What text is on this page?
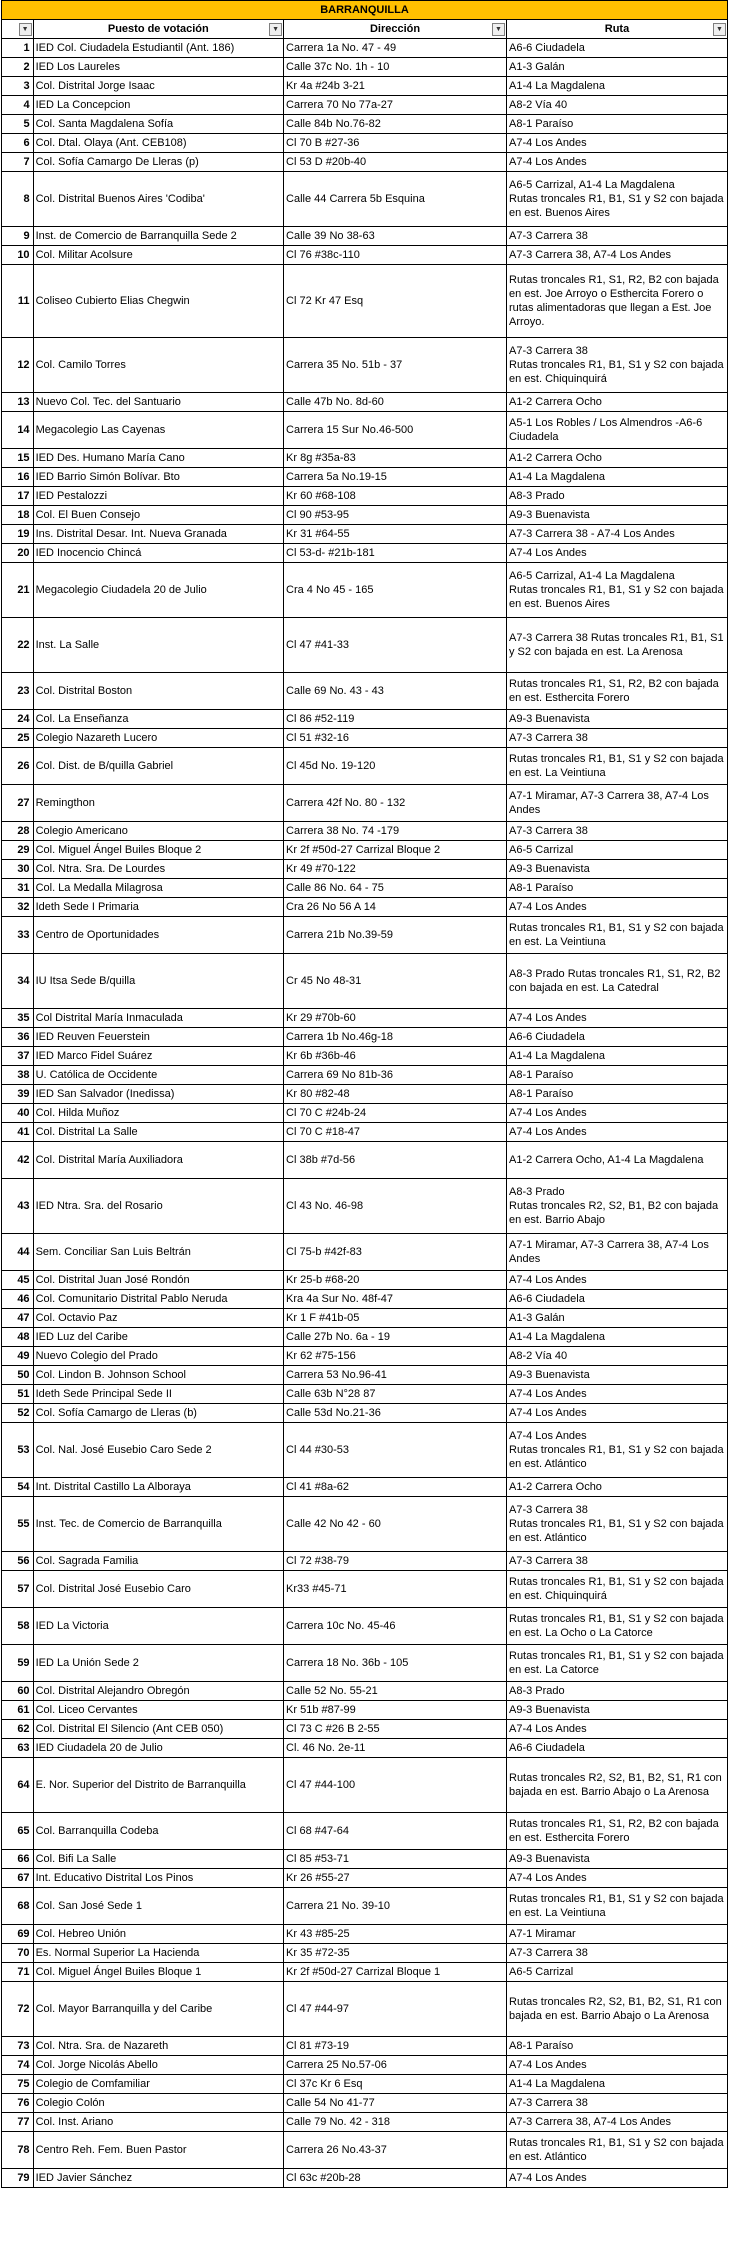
BARRANQUILLA			

▼	Puesto de votación ▼	Dirección ▼	Ruta ▼

1	IED Col. Ciudadela Estudiantil (Ant. 186)	Carrera 1a No. 47 - 49	A6-6 Ciudadela
2	IED Los Laureles	Calle 37c No. 1h - 10	A1-3 Galán
3	Col. Distrital Jorge Isaac	Kr 4a #24b 3-21	A1-4 La Magdalena
4	IED La Concepcion	Carrera 70 No 77a-27	A8-2 Vía 40
5	Col. Santa Magdalena Sofía	Calle 84b No.76-82	A8-1 Paraíso
6	Col. Dtal. Olaya (Ant. CEB108)	Cl 70 B #27-36	A7-4 Los Andes
7	Col. Sofía Camargo De Lleras (p)	Cl 53 D #20b-40	A7-4 Los Andes
8	Col. Distrital Buenos Aires 'Codiba'	Calle 44 Carrera 5b Esquina	A6-5 Carrizal, A1-4 La Magdalena
Rutas troncales R1, B1, S1 y S2 con bajada en est. Buenos Aires
9	Inst. de Comercio de Barranquilla Sede 2	Calle 39 No 38-63	A7-3 Carrera 38
10	Col. Militar Acolsure	Cl 76 #38c-110	A7-3 Carrera 38, A7-4 Los Andes
11	Coliseo Cubierto Elias Chegwin	Cl 72 Kr 47 Esq	Rutas troncales R1, S1, R2, B2 con bajada en est. Joe Arroyo o Esthercita Forero o rutas alimentadoras que llegan a Est. Joe Arroyo.
12	Col. Camilo Torres	Carrera 35 No. 51b - 37	A7-3 Carrera 38
Rutas troncales R1, B1, S1 y S2 con bajada en est. Chiquinquirá
13	Nuevo Col. Tec. del Santuario	Calle 47b No. 8d-60	A1-2 Carrera Ocho
14	Megacolegio Las Cayenas	Carrera 15 Sur No.46-500	A5-1 Los Robles / Los Almendros -A6-6 Ciudadela
15	IED Des. Humano María Cano	Kr 8g #35a-83	A1-2 Carrera Ocho
16	IED Barrio Simón Bolívar. Bto	Carrera 5a No.19-15	A1-4 La Magdalena
17	IED Pestalozzi	Kr 60 #68-108	A8-3 Prado
18	Col. El Buen Consejo	Cl 90 #53-95	A9-3 Buenavista
19	Ins. Distrital Desar. Int. Nueva Granada	Kr 31 #64-55	A7-3 Carrera 38 - A7-4 Los Andes
20	IED Inocencio Chincá	Cl 53-d- #21b-181	A7-4 Los Andes
21	Megacolegio Ciudadela 20 de Julio	Cra 4 No 45 - 165	A6-5 Carrizal, A1-4 La Magdalena
Rutas troncales R1, B1, S1 y S2 con bajada en est. Buenos Aires
22	Inst. La Salle	Cl 47 #41-33	A7-3 Carrera 38 Rutas troncales R1, B1, S1 y S2 con bajada en est. La Arenosa
23	Col. Distrital Boston	Calle 69 No. 43 - 43	Rutas troncales R1, S1, R2, B2 con bajada en est. Esthercita Forero
24	Col. La Enseñanza	Cl 86 #52-119	A9-3 Buenavista
25	Colegio Nazareth Lucero	Cl 51 #32-16	A7-3 Carrera 38
26	Col. Dist. de B/quilla Gabriel	Cl 45d No. 19-120	Rutas troncales R1, B1, S1 y S2 con bajada en est. La Veintiuna
27	Remingthon	Carrera 42f No. 80 - 132	A7-1 Miramar, A7-3 Carrera 38, A7-4 Los Andes
28	Colegio Americano	Carrera 38 No. 74 -179	A7-3 Carrera 38
29	Col. Miguel Ángel Builes Bloque 2	Kr 2f #50d-27 Carrizal Bloque 2	A6-5 Carrizal
30	Col. Ntra. Sra. De Lourdes	Kr 49 #70-122	A9-3 Buenavista
31	Col. La Medalla Milagrosa	Calle 86 No. 64 - 75	A8-1 Paraíso
32	Ideth Sede I Primaria	Cra 26 No 56 A 14	A7-4 Los Andes
33	Centro de Oportunidades	Carrera 21b No.39-59	Rutas troncales R1, B1, S1 y S2 con bajada en est. La Veintiuna
34	IU Itsa Sede B/quilla	Cr 45 No 48-31	A8-3 Prado Rutas troncales R1, S1, R2, B2 con bajada en est. La Catedral
35	Col Distrital María Inmaculada	Kr 29 #70b-60	A7-4 Los Andes
36	IED Reuven Feuerstein	Carrera 1b No.46g-18	A6-6 Ciudadela
37	IED Marco Fidel Suárez	Kr 6b #36b-46	A1-4 La Magdalena
38	U. Católica de Occidente	Carrera 69 No 81b-36	A8-1 Paraíso
39	IED San Salvador (Inedissa)	Kr 80 #82-48	A8-1 Paraíso
40	Col. Hilda Muñoz	Cl 70 C #24b-24	A7-4 Los Andes
41	Col. Distrital La Salle	Cl 70 C #18-47	A7-4 Los Andes
42	Col. Distrital María Auxiliadora	Cl 38b #7d-56	A1-2 Carrera Ocho, A1-4 La Magdalena
43	IED Ntra. Sra. del Rosario	Cl 43 No. 46-98	A8-3 Prado
Rutas troncales R2, S2, B1, B2 con bajada en est. Barrio Abajo
44	Sem. Conciliar San Luis Beltrán	Cl 75-b #42f-83	A7-1 Miramar, A7-3 Carrera 38, A7-4 Los Andes
45	Col. Distrital Juan José Rondón	Kr 25-b #68-20	A7-4 Los Andes
46	Col. Comunitario Distrital Pablo Neruda	Kra 4a Sur No. 48f-47	A6-6 Ciudadela
47	Col. Octavio Paz	Kr 1 F #41b-05	A1-3 Galán
48	IED Luz del Caribe	Calle 27b No. 6a - 19	A1-4 La Magdalena
49	Nuevo Colegio del Prado	Kr 62 #75-156	A8-2 Vía 40
50	Col. Lindon B. Johnson School	Carrera 53 No.96-41	A9-3 Buenavista
51	Ideth Sede Principal Sede II	Calle 63b N°28 87	A7-4 Los Andes
52	Col. Sofía Camargo de Lleras (b)	Calle 53d No.21-36	A7-4 Los Andes
53	Col. Nal. José Eusebio Caro Sede 2	Cl 44 #30-53	A7-4 Los Andes
Rutas troncales R1, B1, S1 y S2 con bajada en est. Atlántico
54	Int. Distrital Castillo La Alboraya	Cl 41 #8a-62	A1-2 Carrera Ocho
55	Inst. Tec. de Comercio de Barranquilla	Calle 42 No 42 - 60	A7-3 Carrera 38
Rutas troncales R1, B1, S1 y S2 con bajada en est. Atlántico
56	Col. Sagrada Familia	Cl 72 #38-79	A7-3 Carrera 38
57	Col. Distrital José Eusebio Caro	Kr33 #45-71	Rutas troncales R1, B1, S1 y S2 con bajada en est. Chiquinquirá
58	IED La Victoria	Carrera 10c No. 45-46	Rutas troncales R1, B1, S1 y S2 con bajada en est. La Ocho o La Catorce
59	IED La Unión Sede 2	Carrera 18 No. 36b - 105	Rutas troncales R1, B1, S1 y S2 con bajada en est. La Catorce
60	Col. Distrital Alejandro Obregón	Calle 52 No. 55-21	A8-3 Prado
61	Col. Liceo Cervantes	Kr 51b #87-99	A9-3 Buenavista
62	Col. Distrital El Silencio (Ant CEB 050)	Cl 73 C #26 B 2-55	A7-4 Los Andes
63	IED Ciudadela 20 de Julio	Cl. 46 No. 2e-11	A6-6 Ciudadela
64	E. Nor. Superior del Distrito de Barranquilla	Cl 47 #44-100	Rutas troncales R2, S2, B1, B2, S1, R1 con bajada en est. Barrio Abajo o La Arenosa
65	Col. Barranquilla Codeba	Cl 68 #47-64	Rutas troncales R1, S1, R2, B2 con bajada en est. Esthercita Forero
66	Col. Bifi La Salle	Cl 85 #53-71	A9-3 Buenavista
67	Int. Educativo Distrital Los Pinos	Kr 26 #55-27	A7-4 Los Andes
68	Col. San José Sede 1	Carrera 21 No. 39-10	Rutas troncales R1, B1, S1 y S2 con bajada en est. La Veintiuna
69	Col. Hebreo Unión	Kr 43 #85-25	A7-1 Miramar
70	Es. Normal Superior La Hacienda	Kr 35 #72-35	A7-3 Carrera 38
71	Col. Miguel Ángel Builes Bloque 1	Kr 2f #50d-27 Carrizal Bloque 1	A6-5 Carrizal
72	Col. Mayor Barranquilla y del Caribe	Cl 47 #44-97	Rutas troncales R2, S2, B1, B2, S1, R1 con bajada en est. Barrio Abajo o La Arenosa
73	Col. Ntra. Sra. de Nazareth	Cl 81 #73-19	A8-1 Paraíso
74	Col. Jorge Nicolás Abello	Carrera 25 No.57-06	A7-4 Los Andes
75	Colegio de Comfamiliar	Cl 37c Kr 6 Esq	A1-4 La Magdalena
76	Colegio Colón	Calle 54 No 41-77	A7-3 Carrera 38
77	Col. Inst. Ariano	Calle 79 No. 42 - 318	A7-3 Carrera 38, A7-4 Los Andes
78	Centro Reh. Fem. Buen Pastor	Carrera 26 No.43-37	Rutas troncales R1, B1, S1 y S2 con bajada en est. Atlántico
79	IED Javier Sánchez	Cl 63c #20b-28	A7-4 Los Andes
